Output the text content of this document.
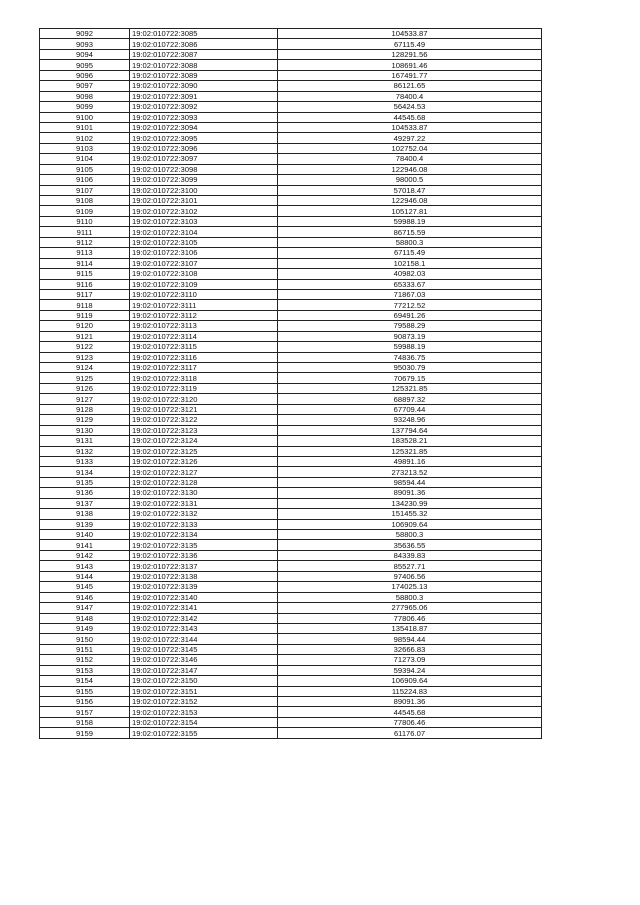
9092	19:02:010722:3085	104533.87
9093	19:02:010722:3086	67115.49
9094	19:02:010722:3087	128291.56
9095	19:02:010722:3088	108691.46
9096	19:02:010722:3089	167491.77
9097	19:02:010722:3090	86121.65
9098	19:02:010722:3091	78400.4
9099	19:02:010722:3092	56424.53
9100	19:02:010722:3093	44545.68
9101	19:02:010722:3094	104533.87
9102	19:02:010722:3095	49297.22
9103	19:02:010722:3096	102752.04
9104	19:02:010722:3097	78400.4
9105	19:02:010722:3098	122946.08
9106	19:02:010722:3099	98000.5
9107	19:02:010722:3100	57018.47
9108	19:02:010722:3101	122946.08
9109	19:02:010722:3102	105127.81
9110	19:02:010722:3103	59988.19
9111	19:02:010722:3104	86715.59
9112	19:02:010722:3105	58800.3
9113	19:02:010722:3106	67115.49
9114	19:02:010722:3107	102158.1
9115	19:02:010722:3108	40982.03
9116	19:02:010722:3109	65333.67
9117	19:02:010722:3110	71867.03
9118	19:02:010722:3111	77212.52
9119	19:02:010722:3112	69491.26
9120	19:02:010722:3113	79588.29
9121	19:02:010722:3114	90873.19
9122	19:02:010722:3115	59988.19
9123	19:02:010722:3116	74836.75
9124	19:02:010722:3117	95030.79
9125	19:02:010722:3118	70679.15
9126	19:02:010722:3119	125321.85
9127	19:02:010722:3120	68897.32
9128	19:02:010722:3121	67709.44
9129	19:02:010722:3122	93248.96
9130	19:02:010722:3123	137794.64
9131	19:02:010722:3124	183528.21
9132	19:02:010722:3125	125321.85
9133	19:02:010722:3126	49891.16
9134	19:02:010722:3127	273213.52
9135	19:02:010722:3128	98594.44
9136	19:02:010722:3130	89091.36
9137	19:02:010722:3131	134230.99
9138	19:02:010722:3132	151455.32
9139	19:02:010722:3133	106909.64
9140	19:02:010722:3134	58800.3
9141	19:02:010722:3135	35636.55
9142	19:02:010722:3136	84339.83
9143	19:02:010722:3137	85527.71
9144	19:02:010722:3138	97406.56
9145	19:02:010722:3139	174025.13
9146	19:02:010722:3140	58800.3
9147	19:02:010722:3141	277965.06
9148	19:02:010722:3142	77806.46
9149	19:02:010722:3143	135418.87
9150	19:02:010722:3144	98594.44
9151	19:02:010722:3145	32666.83
9152	19:02:010722:3146	71273.09
9153	19:02:010722:3147	59394.24
9154	19:02:010722:3150	106909.64
9155	19:02:010722:3151	115224.83
9156	19:02:010722:3152	89091.36
9157	19:02:010722:3153	44545.68
9158	19:02:010722:3154	77806.46
9159	19:02:010722:3155	61176.07
